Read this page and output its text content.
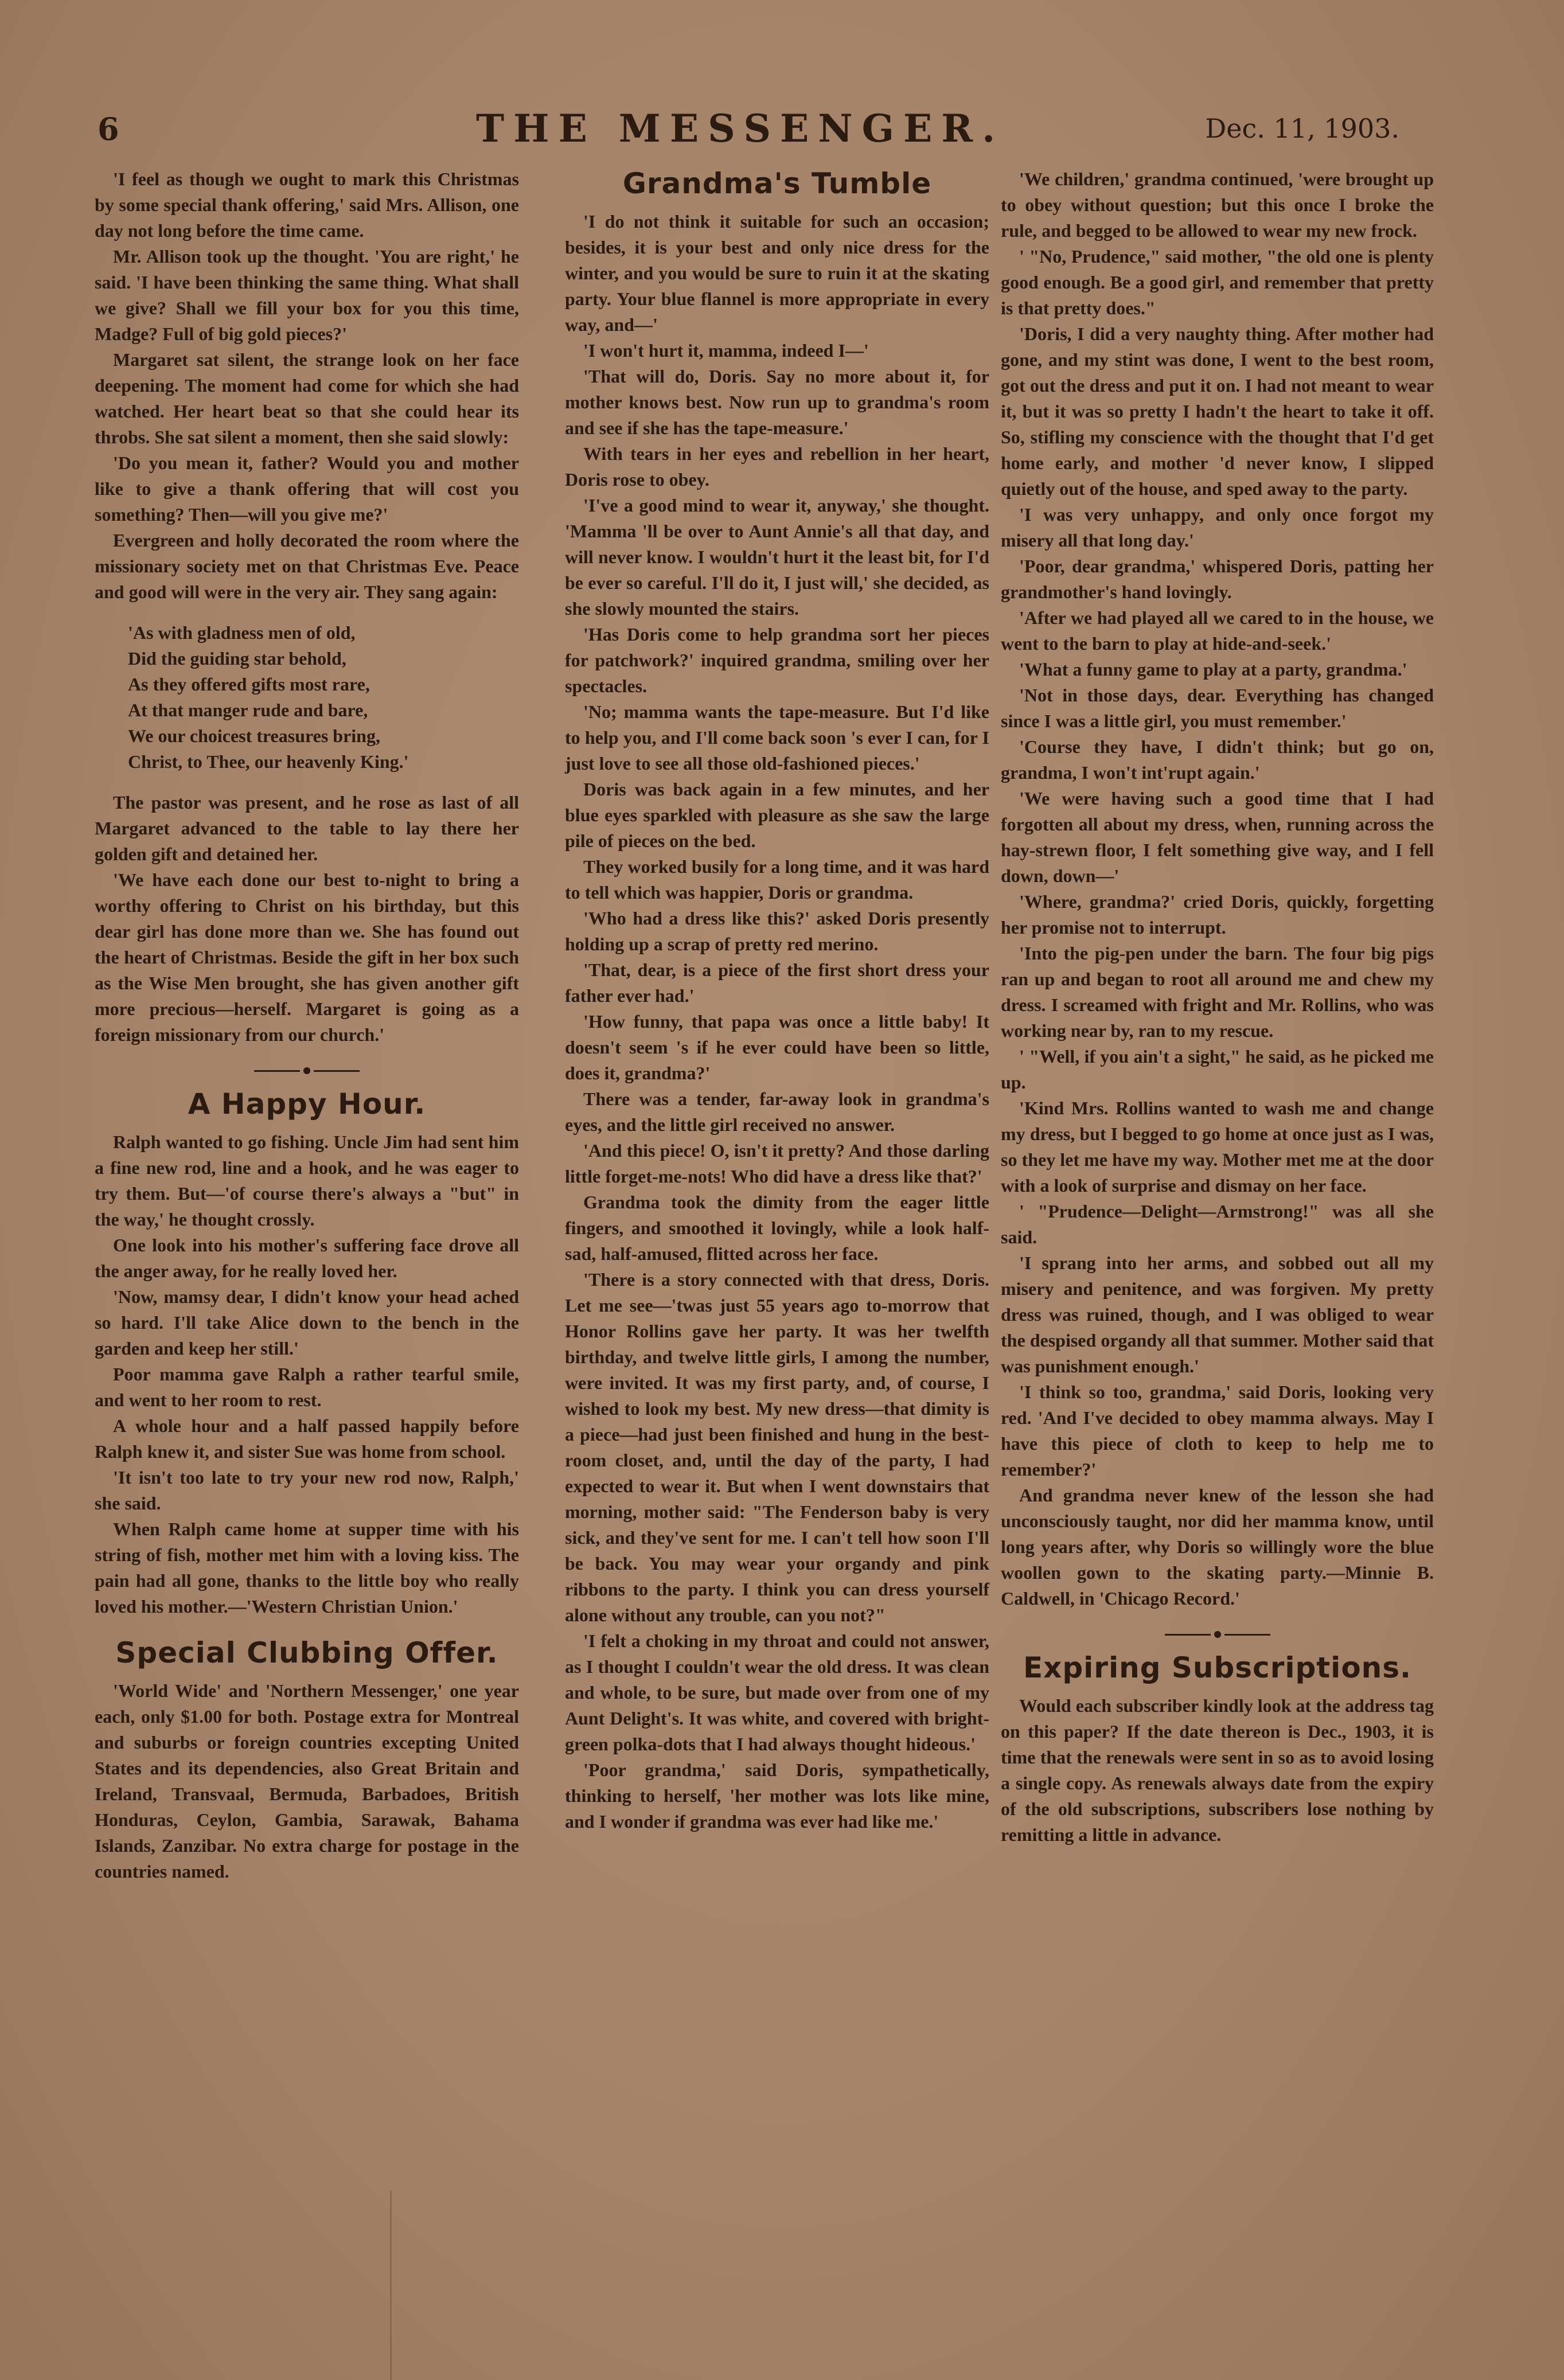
6	THE MESSENGER.	Dec. 11, 1903.

'I feel as though we ought to mark this Christmas by some special thank offering,' said Mrs. Allison, one day not long before the time came.

Mr. Allison took up the thought. 'You are right,' he said. 'I have been thinking the same thing. What shall we give? Shall we fill your box for you this time, Madge? Full of big gold pieces?'

Margaret sat silent, the strange look on her face deepening. The moment had come for which she had watched. Her heart beat so that she could hear its throbs. She sat silent a moment, then she said slowly:

'Do you mean it, father? Would you and mother like to give a thank offering that will cost you something? Then—will you give me?'

Evergreen and holly decorated the room where the missionary society met on that Christmas Eve. Peace and good will were in the very air. They sang again:

'As with gladness men of old,

Did the guiding star behold,

As they offered gifts most rare,

At that manger rude and bare,

We our choicest treasures bring,

Christ, to Thee, our heavenly King.'

The pastor was present, and he rose as last of all Margaret advanced to the table to lay there her golden gift and detained her.

'We have each done our best to-night to bring a worthy offering to Christ on his birthday, but this dear girl has done more than we. She has found out the heart of Christmas. Beside the gift in her box such as the Wise Men brought, she has given another gift more precious—herself. Margaret is going as a foreign missionary from our church.'

A Happy Hour.

Ralph wanted to go fishing. Uncle Jim had sent him a fine new rod, line and a hook, and he was eager to try them. But—'of course there's always a "but" in the way,' he thought crossly.

One look into his mother's suffering face drove all the anger away, for he really loved her.

'Now, mamsy dear, I didn't know your head ached so hard. I'll take Alice down to the bench in the garden and keep her still.'

Poor mamma gave Ralph a rather tearful smile, and went to her room to rest.

A whole hour and a half passed happily before Ralph knew it, and sister Sue was home from school.

'It isn't too late to try your new rod now, Ralph,' she said.

When Ralph came home at supper time with his string of fish, mother met him with a loving kiss. The pain had all gone, thanks to the little boy who really loved his mother.—'Western Christian Union.'

Special Clubbing Offer.

'World Wide' and 'Northern Messenger,' one year each, only $1.00 for both. Postage extra for Montreal and suburbs or foreign countries excepting United States and its dependencies, also Great Britain and Ireland, Transvaal, Bermuda, Barbadoes, British Honduras, Ceylon, Gambia, Sarawak, Bahama Islands, Zanzibar. No extra charge for postage in the countries named.

Grandma's Tumble

'I do not think it suitable for such an occasion; besides, it is your best and only nice dress for the winter, and you would be sure to ruin it at the skating party. Your blue flannel is more appropriate in every way, and—'

'I won't hurt it, mamma, indeed I—'

'That will do, Doris. Say no more about it, for mother knows best. Now run up to grandma's room and see if she has the tape-measure.'

With tears in her eyes and rebellion in her heart, Doris rose to obey.

'I've a good mind to wear it, anyway,' she thought. 'Mamma 'll be over to Aunt Annie's all that day, and will never know. I wouldn't hurt it the least bit, for I'd be ever so careful. I'll do it, I just will,' she decided, as she slowly mounted the stairs.

'Has Doris come to help grandma sort her pieces for patchwork?' inquired grandma, smiling over her spectacles.

'No; mamma wants the tape-measure. But I'd like to help you, and I'll come back soon 's ever I can, for I just love to see all those old-fashioned pieces.'

Doris was back again in a few minutes, and her blue eyes sparkled with pleasure as she saw the large pile of pieces on the bed.

They worked busily for a long time, and it was hard to tell which was happier, Doris or grandma.

'Who had a dress like this?' asked Doris presently holding up a scrap of pretty red merino.

'That, dear, is a piece of the first short dress your father ever had.'

'How funny, that papa was once a little baby! It doesn't seem 's if he ever could have been so little, does it, grandma?'

There was a tender, far-away look in grandma's eyes, and the little girl received no answer.

'And this piece! O, isn't it pretty? And those darling little forget-me-nots! Who did have a dress like that?'

Grandma took the dimity from the eager little fingers, and smoothed it lovingly, while a look half-sad, half-amused, flitted across her face.

'There is a story connected with that dress, Doris. Let me see—'twas just 55 years ago to-morrow that Honor Rollins gave her party. It was her twelfth birthday, and twelve little girls, I among the number, were invited. It was my first party, and, of course, I wished to look my best. My new dress—that dimity is a piece—had just been finished and hung in the best-room closet, and, until the day of the party, I had expected to wear it. But when I went downstairs that morning, mother said: "The Fenderson baby is very sick, and they've sent for me. I can't tell how soon I'll be back. You may wear your organdy and pink ribbons to the party. I think you can dress yourself alone without any trouble, can you not?"

'I felt a choking in my throat and could not answer, as I thought I couldn't wear the old dress. It was clean and whole, to be sure, but made over from one of my Aunt Delight's. It was white, and covered with bright-green polka-dots that I had always thought hideous.'

'Poor grandma,' said Doris, sympathetically, thinking to herself, 'her mother was lots like mine, and I wonder if grandma was ever had like me.'

'We children,' grandma continued, 'were brought up to obey without question; but this once I broke the rule, and begged to be allowed to wear my new frock.

' "No, Prudence," said mother, "the old one is plenty good enough. Be a good girl, and remember that pretty is that pretty does."

'Doris, I did a very naughty thing. After mother had gone, and my stint was done, I went to the best room, got out the dress and put it on. I had not meant to wear it, but it was so pretty I hadn't the heart to take it off. So, stifling my conscience with the thought that I'd get home early, and mother 'd never know, I slipped quietly out of the house, and sped away to the party.

'I was very unhappy, and only once forgot my misery all that long day.'

'Poor, dear grandma,' whispered Doris, patting her grandmother's hand lovingly.

'After we had played all we cared to in the house, we went to the barn to play at hide-and-seek.'

'What a funny game to play at a party, grandma.'

'Not in those days, dear. Everything has changed since I was a little girl, you must remember.'

'Course they have, I didn't think; but go on, grandma, I won't int'rupt again.'

'We were having such a good time that I had forgotten all about my dress, when, running across the hay-strewn floor, I felt something give way, and I fell down, down—'

'Where, grandma?' cried Doris, quickly, forgetting her promise not to interrupt.

'Into the pig-pen under the barn. The four big pigs ran up and began to root all around me and chew my dress. I screamed with fright and Mr. Rollins, who was working near by, ran to my rescue.

' "Well, if you ain't a sight," he said, as he picked me up.

'Kind Mrs. Rollins wanted to wash me and change my dress, but I begged to go home at once just as I was, so they let me have my way. Mother met me at the door with a look of surprise and dismay on her face.

' "Prudence—Delight—Armstrong!" was all she said.

'I sprang into her arms, and sobbed out all my misery and penitence, and was forgiven. My pretty dress was ruined, though, and I was obliged to wear the despised organdy all that summer. Mother said that was punishment enough.'

'I think so too, grandma,' said Doris, looking very red. 'And I've decided to obey mamma always. May I have this piece of cloth to keep to help me to remember?'

And grandma never knew of the lesson she had unconsciously taught, nor did her mamma know, until long years after, why Doris so willingly wore the blue woollen gown to the skating party.—Minnie B. Caldwell, in 'Chicago Record.'

Expiring Subscriptions.

Would each subscriber kindly look at the address tag on this paper? If the date thereon is Dec., 1903, it is time that the renewals were sent in so as to avoid losing a single copy. As renewals always date from the expiry of the old subscriptions, subscribers lose nothing by remitting a little in advance.
